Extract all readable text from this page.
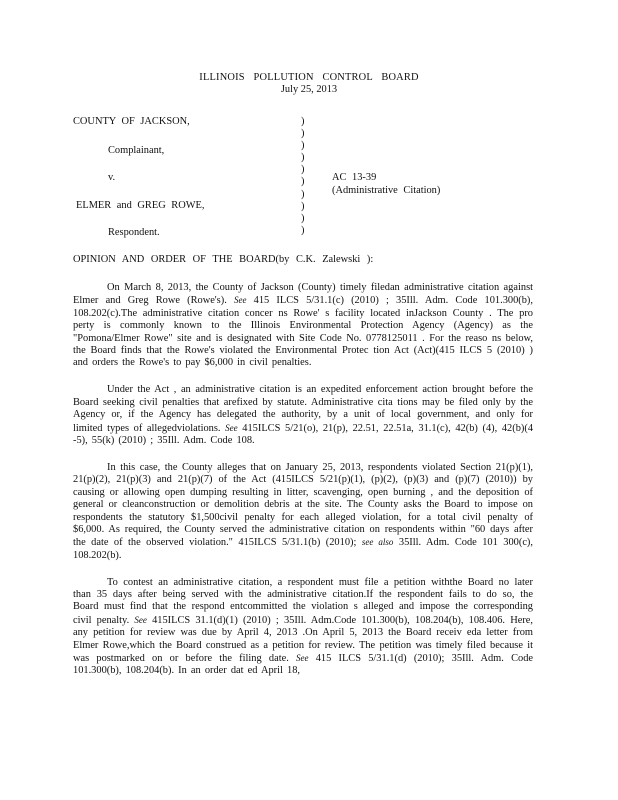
ILLINOIS POLLUTION CONTROL BOARD
July 25, 2013
COUNTY OF JACKSON,
Complainant,
v.
ELMER and GREG ROWE,
Respondent.
AC 13-39
(Administrative Citation)
)
)
)
)
)
)
)
)
)
)
OPINION AND ORDER OF THE BOARD(by C.K. Zalewski ):

On March 8, 2013, the County of Jackson (County) timely filedan administrative citation against Elmer and Greg Rowe (Rowe's). See 415 ILCS 5/31.1(c) (2010) ; 35Ill. Adm. Code 101.300(b), 108.202(c).The administrative citation concer ns Rowe' s facility located inJackson County . The pro perty is commonly known to the Illinois Environmental Protection Agency (Agency) as the "Pomona/Elmer Rowe" site and is designated with Site Code No. 0778125011 . For the reaso ns below, the Board finds that the Rowe's violated the Environmental Protec tion Act (Act)(415 ILCS 5 (2010) ) and orders the Rowe's to pay $6,000 in civil penalties.

Under the Act , an administrative citation is an expedited enforcement action brought before the Board seeking civil penalties that arefixed by statute. Administrative cita tions may be filed only by the Agency or, if the Agency has delegated the authority, by a unit of local government, and only for limited types of allegedviolations. See 415ILCS 5/21(o), 21(p), 22.51, 22.51a, 31.1(c), 42(b) (4), 42(b)(4 -5), 55(k) (2010) ; 35Ill. Adm. Code 108.

In this case, the County alleges that on January 25, 2013, respondents violated Section 21(p)(1), 21(p)(2), 21(p)(3) and 21(p)(7) of the Act (415ILCS 5/21(p)(1), (p)(2), (p)(3) and (p)(7) (2010)) by causing or allowing open dumping resulting in litter, scavenging, open burning , and the deposition of general or cleanconstruction or demolition debris at the site. The County asks the Board to impose on respondents the statutory $1,500civil penalty for each alleged violation, for a total civil penalty of $6,000. As required, the County served the administrative citation on respondents within "60 days after the date of the observed violation." 415ILCS 5/31.1(b) (2010); see also 35Ill. Adm. Code 101 300(c), 108.202(b).

To contest an administrative citation, a respondent must file a petition withthe Board no later than 35 days after being served with the administrative citation.If the respondent fails to do so, the Board must find that the respond entcommitted the violation s alleged and impose the corresponding civil penalty. See 415ILCS 31.1(d)(1) (2010) ; 35Ill. Adm.Code 101.300(b), 108.204(b), 108.406. Here, any petition for review was due by April 4, 2013 .On April 5, 2013 the Board receiv eda letter from Elmer Rowe,which the Board construed as a petition for review. The petition was timely filed because it was postmarked on or before the filing date. See 415 ILCS 5/31.1(d) (2010); 35Ill. Adm. Code 101.300(b), 108.204(b). In an order dat ed April 18,
